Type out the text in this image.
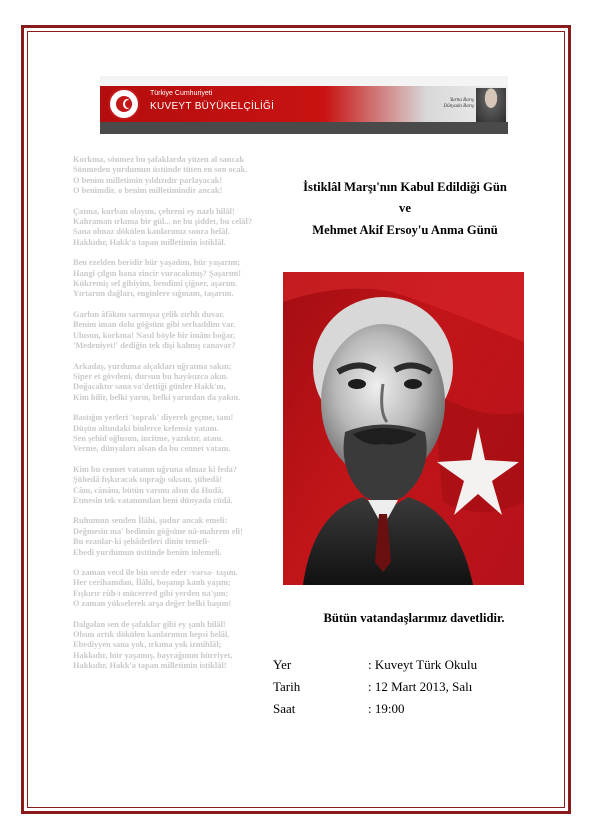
Türkiye Cumhuriyeti
KUVEYT BÜYÜKELÇİLİĞİ
Yurtta Barış
Dünyada Barış
Korkma, sönmez bu şafaklarda yüzen al sancak
Sönmeden yurdumun üstünde tüten en son ocak.
O benim milletimin yıldızıdır parlayacak!
O benimdir, o benim milletimindir ancak!
Çatma, kurban olayım, çehreni ey nazlı hilâl!
Kahraman ırkıma bir gül... ne bu şiddet, bu celâl?
Sana olmaz dökülen kanlarımız sonra helâl.
Hakkıdır, Hakk'a tapan milletimin istiklâl.
Ben ezelden beridir hür yaşadım, hür yaşarım;
Hangi çılgın bana zincir vuracakmış? Şaşarım!
Kükremiş sel gibiyim, bendimi çiğner, aşarım.
Yırtarım dağları, enginlere sığmam, taşarım.
Garbın âfâkını sarmışsa çelik zırhlı duvar.
Benim iman dolu göğsüm gibi serhaddim var.
Ulusun, korkma! Nasıl böyle bir imânı boğar,
'Medeniyet!' dediğin tek dişi kalmış canavar?
Arkadaş, yurduma alçakları uğratma sakın;
Siper et gövdeni, dursun bu hayâsızca akın.
Doğacaktır sana va'dettiği günler Hakk'ın,
Kim bilir, belki yarın, belki yarından da yakın.
Bastığın yerleri 'toprak' diyerek geçme, tanı!
Düşün altındaki binlerce kefensiz yatanı.
Sen şehid oğlusun, incitme, yazıktır, atanı.
Verme, dünyaları alsan da bu cennet vatanı.
Kim bu cennet vatanın uğruna olmaz ki feda?
Şühedâ fışkıracak toprağı sıksan, şühedâ!
Cânı, cânânı, bütün varımı alsın da Hudâ,
Etmesin tek vatanımdan beni dünyada cüdâ.
Ruhumun senden İlâhi, şudur ancak emeli:
Değmesin ma' bedimin göğsüne nâ-mahrem eli!
Bu ezanlar-ki şehâdetleri dinin temeli-
Ebedî yurdumun üstünde benim inlemeli.
O zaman vecd ile bin secde eder -varsa- taşım.
Her cerîhamdan, İlâhi, boşanıp kanlı yaşım;
Fışkırır rûh-ı mücerred gibi yerden na'şım;
O zaman yükselerek arşa değer belki başım!
Dalgalan sen de şafaklar gibi ey şanlı hilâl!
Olsun artık dökülen kanlarımın hepsi helâl.
Ebediyyen sana yok, ırkıma yok izmihlâl;
Hakkıdır, hür yaşamış, bayrağımın hürriyet,
Hakkıdır, Hakk'a tapan milletimin istiklâl!
İstiklâl Marşı'nın Kabul Edildiği Gün
ve
Mehmet Akif Ersoy'u Anma Günü
Bütün vatandaşlarımız davetlidir.
Yer	: Kuveyt Türk Okulu
Tarih	: 12 Mart 2013, Salı
Saat	: 19:00
